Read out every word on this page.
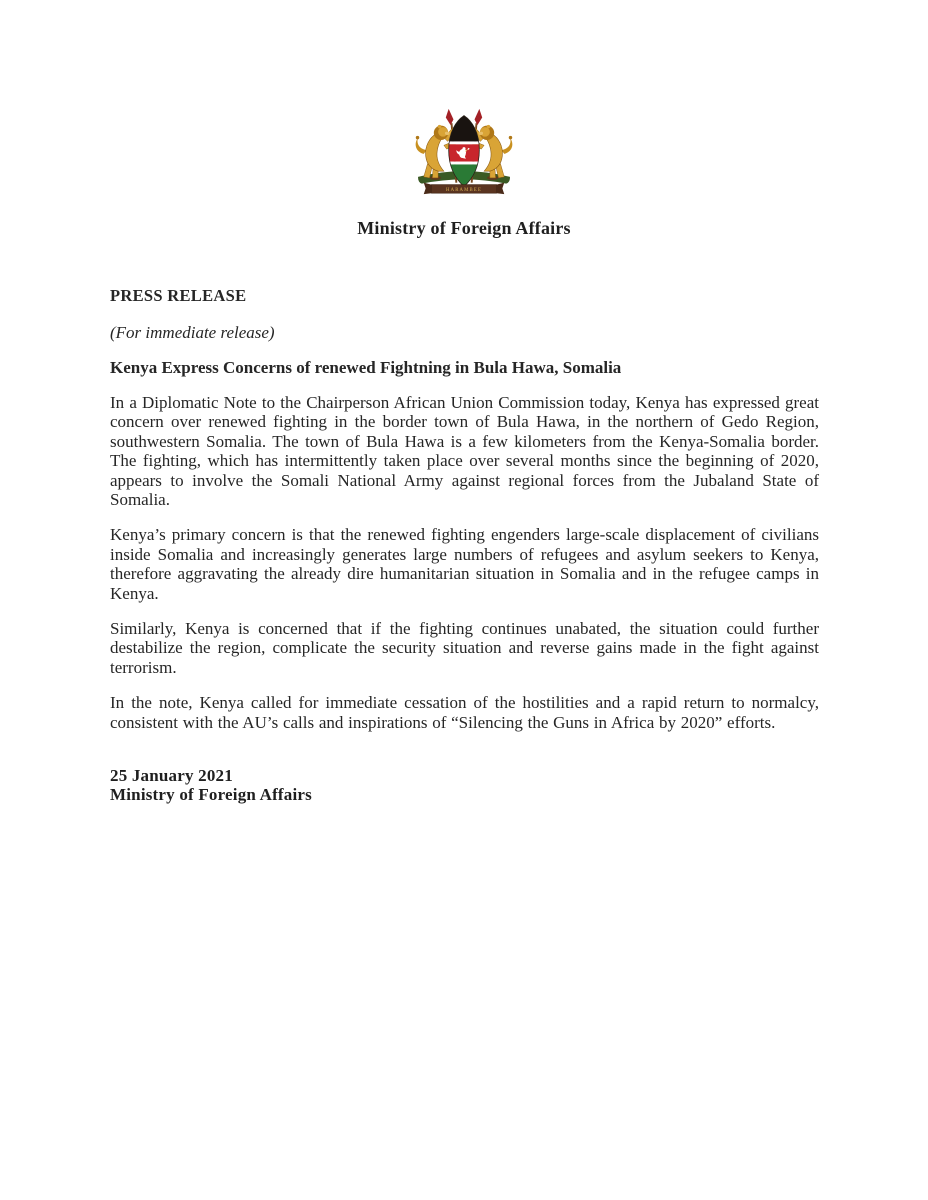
HARAMBEE
Ministry of Foreign Affairs

PRESS RELEASE

(For immediate release)

Kenya Express Concerns of renewed Fightning in Bula Hawa, Somalia

In a Diplomatic Note to the Chairperson African Union Commission today, Kenya has expressed great concern over renewed fighting in the border town of Bula Hawa, in the northern of Gedo Region, southwestern Somalia. The town of Bula Hawa is a few kilometers from the Kenya-Somalia border. The fighting, which has intermittently taken place over several months since the beginning of 2020, appears to involve the Somali National Army against regional forces from the Jubaland State of Somalia.

Kenya’s primary concern is that the renewed fighting engenders large-scale displacement of civilians inside Somalia and increasingly generates large numbers of refugees and asylum seekers to Kenya, therefore aggravating the already dire humanitarian situation in Somalia and in the refugee camps in Kenya.

Similarly, Kenya is concerned that if the fighting continues unabated, the situation could further destabilize the region, complicate the security situation and reverse gains made in the fight against terrorism.

In the note, Kenya called for immediate cessation of the hostilities and a rapid return to normalcy, consistent with the AU’s calls and inspirations of “Silencing the Guns in Africa by 2020” efforts.

25 January 2021

Ministry of Foreign Affairs
